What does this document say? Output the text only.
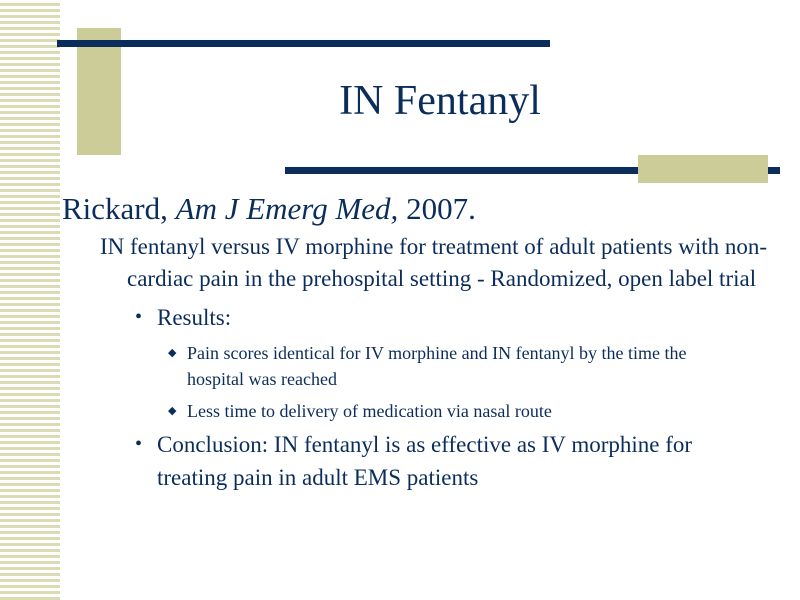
IN Fentanyl

Rickard, Am J Emerg Med, 2007.

IN fentanyl versus IV morphine for treatment of adult patients with non-cardiac pain in the prehospital setting - Randomized, open label trial
• Results:
◆ Pain scores identical for IV morphine and IN fentanyl by the time the hospital was reached
◆ Less time to delivery of medication via nasal route
• Conclusion: IN fentanyl is as effective as IV morphine for treating pain in adult EMS patients
